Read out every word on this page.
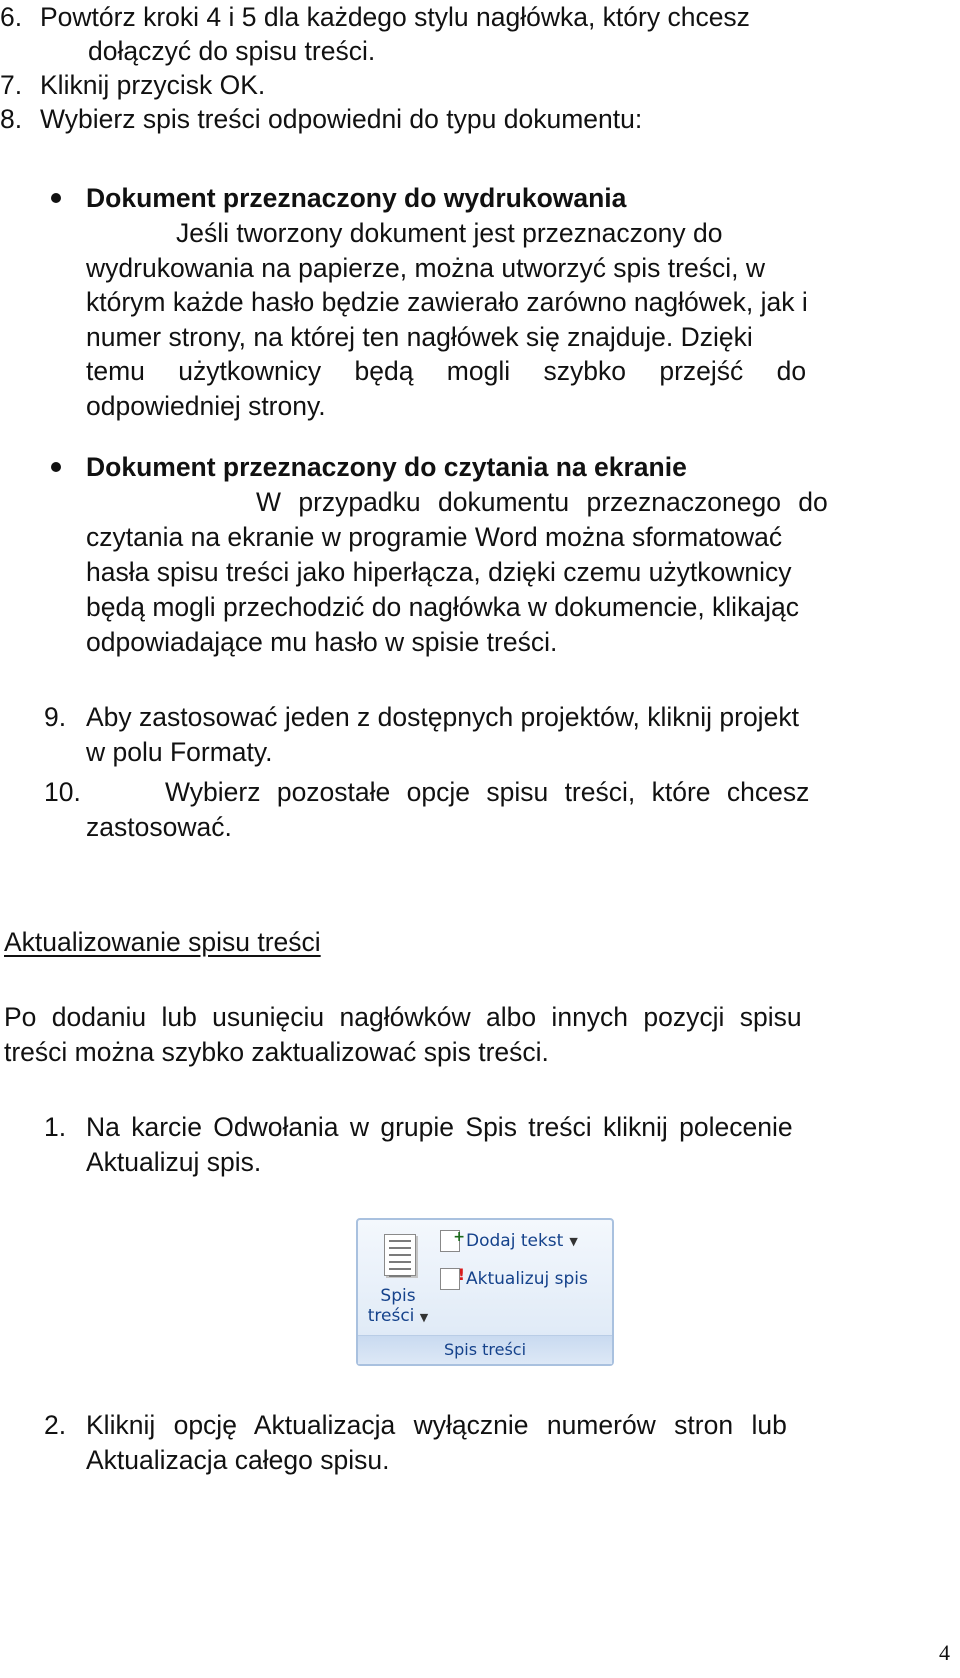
6. Powtórz kroki 4 i 5 dla każdego stylu nagłówka, który chcesz
dołączyć do spisu treści.
7. Kliknij przycisk OK.
8. Wybierz spis treści odpowiedni do typu dokumentu:
Dokument przeznaczony do wydrukowania
Jeśli tworzony dokument jest przeznaczony do
wydrukowania na papierze, można utworzyć spis treści, w
którym każde hasło będzie zawierało zarówno nagłówek, jak i
numer strony, na której ten nagłówek się znajduje. Dzięki
temu użytkownicy będą mogli szybko przejść do
odpowiedniej strony.
Dokument przeznaczony do czytania na ekranie
W przypadku dokumentu przeznaczonego do
czytania na ekranie w programie Word można sformatować
hasła spisu treści jako hiperłącza, dzięki czemu użytkownicy
będą mogli przechodzić do nagłówka w dokumencie, klikając
odpowiadające mu hasło w spisie treści.
9. Aby zastosować jeden z dostępnych projektów, kliknij projekt
w polu Formaty.
10.	Wybierz pozostałe opcje spisu treści, które chcesz
zastosować.
Aktualizowanie spisu treści
Po dodaniu lub usunięciu nagłówków albo innych pozycji spisu
treści można szybko zaktualizować spis treści.
1. Na karcie Odwołania w grupie Spis treści kliknij polecenie
Aktualizuj spis.
Spis
treści ▼
+ Dodaj tekst ▼
! Aktualizuj spis
Spis treści
2. Kliknij opcję Aktualizacja wyłącznie numerów stron lub
Aktualizacja całego spisu.
4
